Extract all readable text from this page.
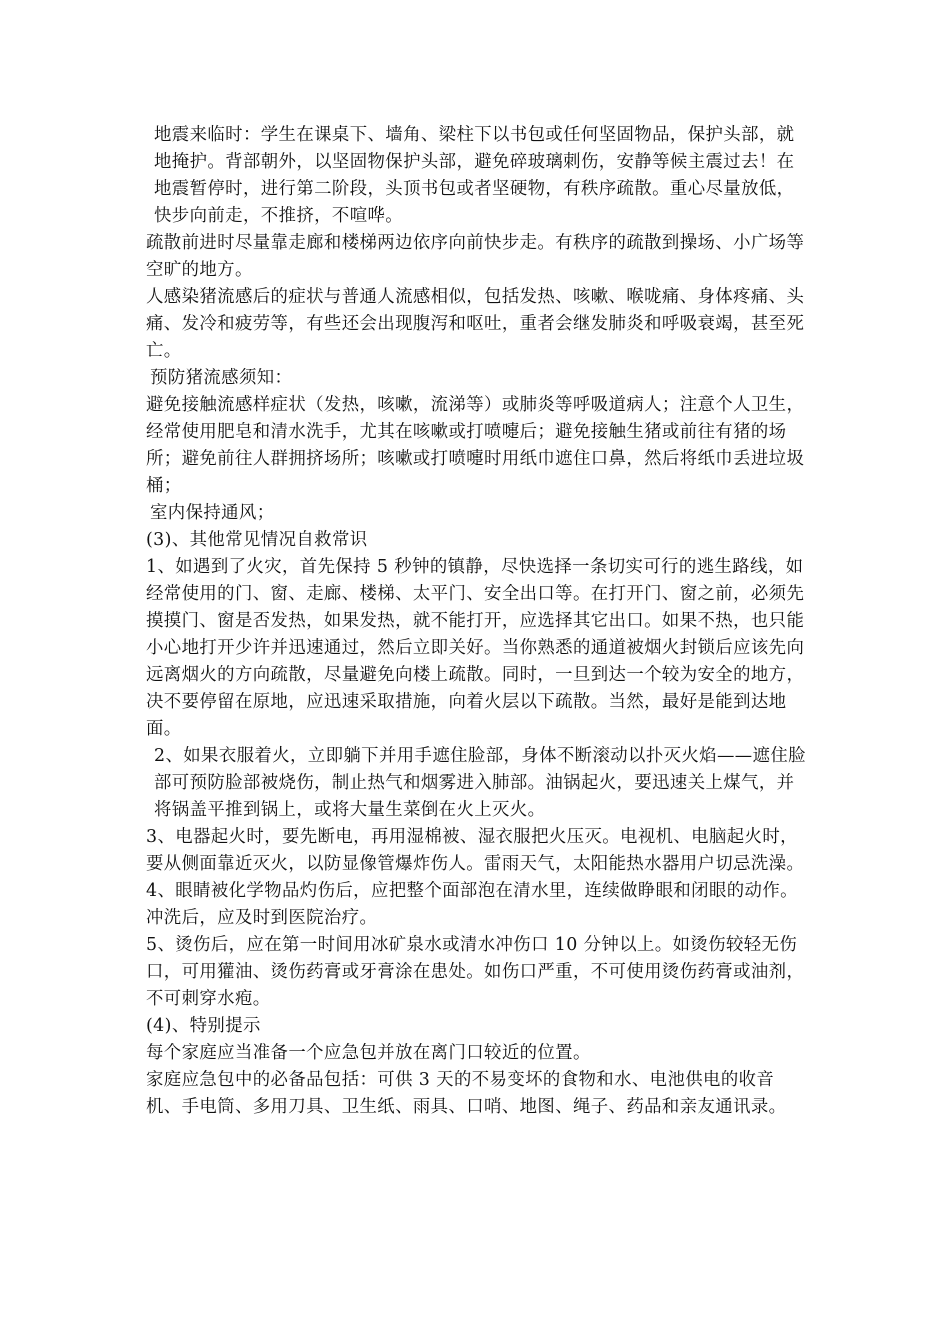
地震来临时：学生在课桌下、墙角、梁柱下以书包或任何坚固物品，保护头部，就地掩护。背部朝外，以坚固物保护头部，避免碎玻璃刺伤，安静等候主震过去！在地震暂停时，进行第二阶段，头顶书包或者坚硬物，有秩序疏散。重心尽量放低，快步向前走，不推挤，不喧哗。

疏散前进时尽量靠走廊和楼梯两边依序向前快步走。有秩序的疏散到操场、小广场等空旷的地方。

人感染猪流感后的症状与普通人流感相似，包括发热、咳嗽、喉咙痛、身体疼痛、头痛、发冷和疲劳等，有些还会出现腹泻和呕吐，重者会继发肺炎和呼吸衰竭，甚至死亡。

预防猪流感须知：

避免接触流感样症状（发热，咳嗽，流涕等）或肺炎等呼吸道病人；注意个人卫生，经常使用肥皂和清水洗手，尤其在咳嗽或打喷嚏后；避免接触生猪或前往有猪的场所；避免前往人群拥挤场所；咳嗽或打喷嚏时用纸巾遮住口鼻，然后将纸巾丢进垃圾桶；

室内保持通风；

(3)、其他常见情况自救常识

1、如遇到了火灾，首先保持 5 秒钟的镇静，尽快选择一条切实可行的逃生路线，如经常使用的门、窗、走廊、楼梯、太平门、安全出口等。在打开门、窗之前，必须先摸摸门、窗是否发热，如果发热，就不能打开，应选择其它出口。如果不热，也只能小心地打开少许并迅速通过，然后立即关好。当你熟悉的通道被烟火封锁后应该先向远离烟火的方向疏散，尽量避免向楼上疏散。同时，一旦到达一个较为安全的地方，决不要停留在原地，应迅速采取措施，向着火层以下疏散。当然，最好是能到达地面。

2、如果衣服着火，立即躺下并用手遮住脸部，身体不断滚动以扑灭火焰——遮住脸部可预防脸部被烧伤，制止热气和烟雾进入肺部。油锅起火，要迅速关上煤气，并将锅盖平推到锅上，或将大量生菜倒在火上灭火。

3、电器起火时，要先断电，再用湿棉被、湿衣服把火压灭。电视机、电脑起火时，要从侧面靠近灭火，以防显像管爆炸伤人。雷雨天气，太阳能热水器用户切忌洗澡。

4、眼睛被化学物品灼伤后，应把整个面部泡在清水里，连续做睁眼和闭眼的动作。冲洗后，应及时到医院治疗。

5、烫伤后，应在第一时间用冰矿泉水或清水冲伤口 10 分钟以上。如烫伤较轻无伤口，可用獾油、烫伤药膏或牙膏涂在患处。如伤口严重，不可使用烫伤药膏或油剂，不可刺穿水疱。

(4)、特别提示

每个家庭应当准备一个应急包并放在离门口较近的位置。

家庭应急包中的必备品包括：可供 3 天的不易变坏的食物和水、电池供电的收音机、手电筒、多用刀具、卫生纸、雨具、口哨、地图、绳子、药品和亲友通讯录。
